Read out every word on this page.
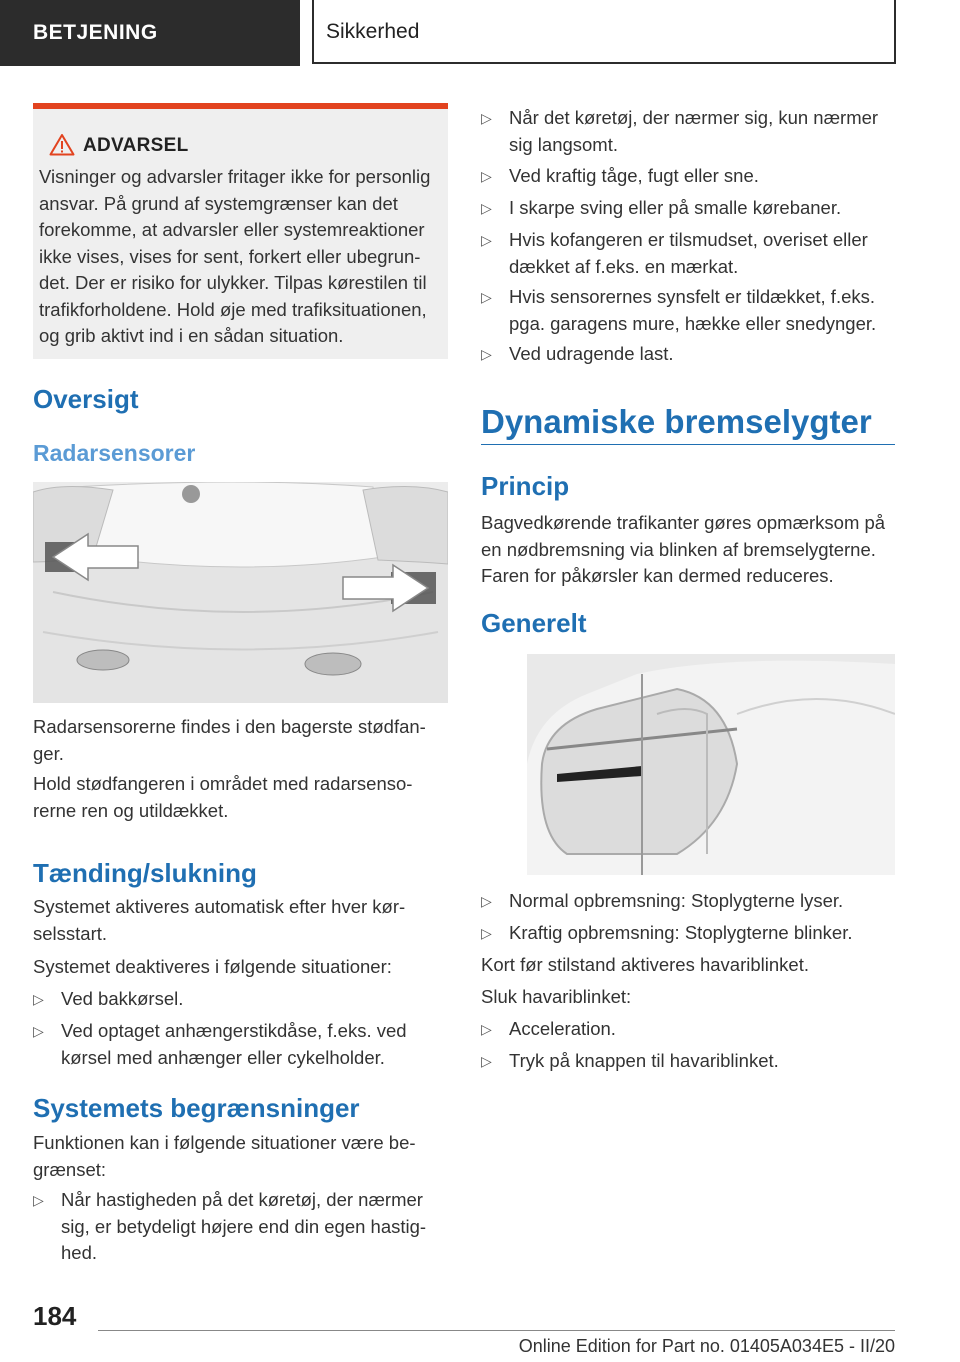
BETJENING	Sikkerhed
ADVARSEL
Visninger og advarsler fritager ikke for personlig ansvar. På grund af systemgrænser kan det forekomme, at advarsler eller systemreaktioner ikke vises, vises for sent, forkert eller ubegrun-det. Der er risiko for ulykker. Tilpas kørestilen til trafikforholdene. Hold øje med trafiksituationen, og grib aktivt ind i en sådan situation.
Oversigt
Radarsensorer
Radarsensorerne findes i den bagerste stødfan-ger.
Hold stødfangeren i området med radarsenso-rerne ren og utildækket.
Tænding/slukning
Systemet aktiveres automatisk efter hver kør-selsstart.
Systemet deaktiveres i følgende situationer:
▷ Ved bakkørsel.
▷ Ved optaget anhængerstikdåse, f.eks. ved kørsel med anhænger eller cykelholder.
Systemets begrænsninger
Funktionen kan i følgende situationer være be-grænset:
▷ Når hastigheden på det køretøj, der nærmer sig, er betydeligt højere end din egen hastig-hed.
▷ Når det køretøj, der nærmer sig, kun nærmer sig langsomt.
▷ Ved kraftig tåge, fugt eller sne.
▷ I skarpe sving eller på smalle kørebaner.
▷ Hvis kofangeren er tilsmudset, overiset eller dækket af f.eks. en mærkat.
▷ Hvis sensorernes synsfelt er tildækket, f.eks. pga. garagens mure, hække eller snedynger.
▷ Ved udragende last.
Dynamiske bremselygter
Princip
Bagvedkørende trafikanter gøres opmærksom på en nødbremsning via blinken af bremselygterne. Faren for påkørsler kan dermed reduceres.
Generelt
▷ Normal opbremsning: Stoplygterne lyser.
▷ Kraftig opbremsning: Stoplygterne blinker.
Kort før stilstand aktiveres havariblinket.
Sluk havariblinket:
▷ Acceleration.
▷ Tryk på knappen til havariblinket.
184
Online Edition for Part no. 01405A034E5 - II/20
